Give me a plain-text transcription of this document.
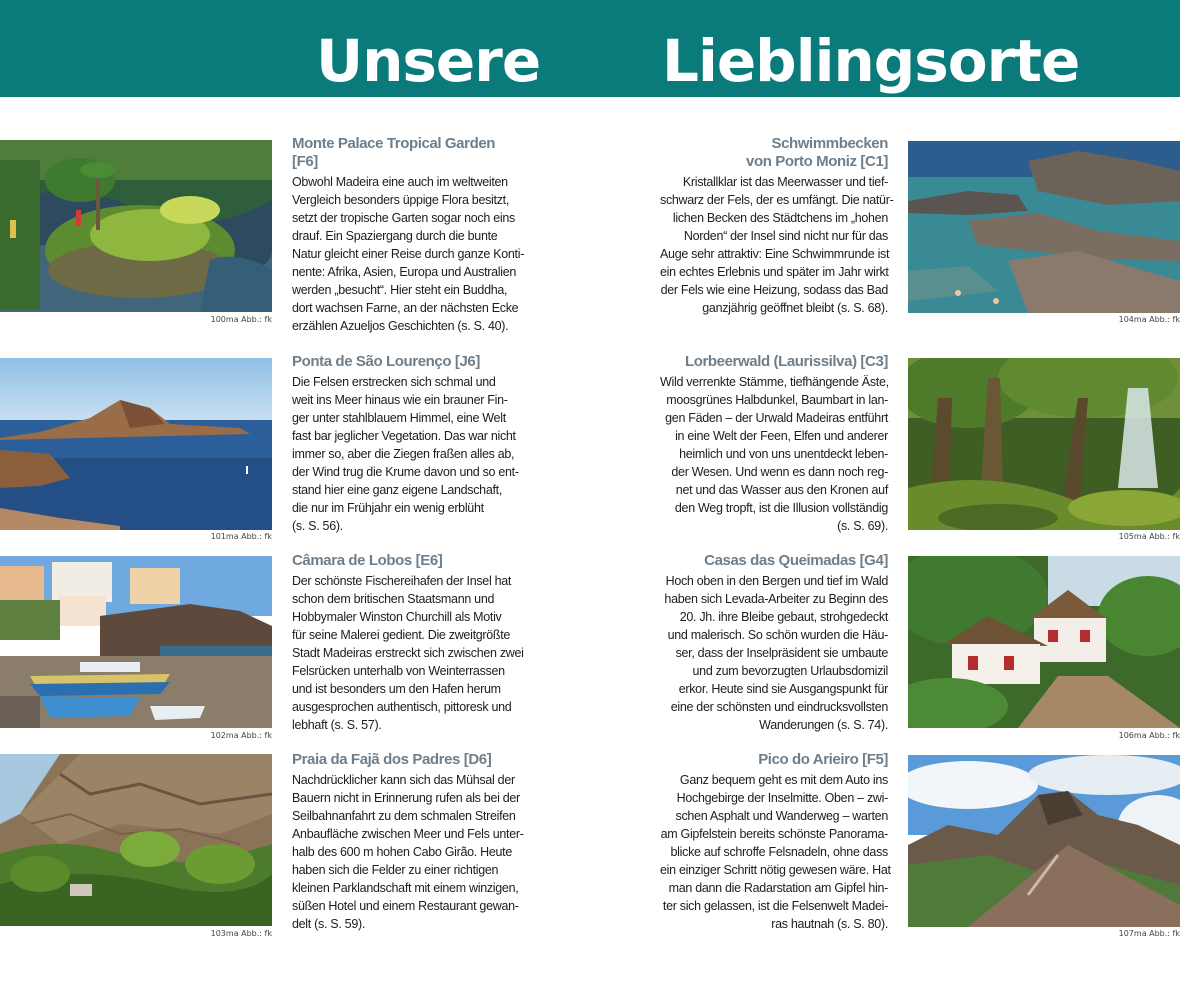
Unsere Lieblingsorte
100ma Abb.: fk
101ma Abb.: fk
102ma Abb.: fk
103ma Abb.: fk
104ma Abb.: fk
105ma Abb.: fk
106ma Abb.: fk
107ma Abb.: fk
Monte Palace Tropical Garden [F6]
Obwohl Madeira eine auch im weltweiten
Vergleich besonders üppige Flora besitzt,
setzt der tropische Garten sogar noch eins
drauf. Ein Spaziergang durch die bunte
Natur gleicht einer Reise durch ganze Konti-
nente: Afrika, Asien, Europa und Australien
werden „besucht“. Hier steht ein Buddha,
dort wachsen Farne, an der nächsten Ecke
erzählen Azueljos Geschichten (s. S. 40).
Ponta de São Lourenço [J6]
Die Felsen erstrecken sich schmal und
weit ins Meer hinaus wie ein brauner Fin-
ger unter stahlblauem Himmel, eine Welt
fast bar jeglicher Vegetation. Das war nicht
immer so, aber die Ziegen fraßen alles ab,
der Wind trug die Krume davon und so ent-
stand hier eine ganz eigene Landschaft,
die nur im Frühjahr ein wenig erblüht
(s. S. 56).
Câmara de Lobos [E6]
Der schönste Fischereihafen der Insel hat
schon dem britischen Staatsmann und
Hobbymaler Winston Churchill als Motiv
für seine Malerei gedient. Die zweitgrößte
Stadt Madeiras erstreckt sich zwischen zwei
Felsrücken unterhalb von Weinterrassen
und ist besonders um den Hafen herum
ausgesprochen authentisch, pittoresk und
lebhaft (s. S. 57).
Praia da Fajã dos Padres [D6]
Nachdrücklicher kann sich das Mühsal der
Bauern nicht in Erinnerung rufen als bei der
Seilbahnanfahrt zu dem schmalen Streifen
Anbaufläche zwischen Meer und Fels unter-
halb des 600 m hohen Cabo Girão. Heute
haben sich die Felder zu einer richtigen
kleinen Parklandschaft mit einem winzigen,
süßen Hotel und einem Restaurant gewan-
delt (s. S. 59).
Schwimmbecken
von Porto Moniz [C1]
Kristallklar ist das Meerwasser und tief-
schwarz der Fels, der es umfängt. Die natür-
lichen Becken des Städtchens im „hohen
Norden“ der Insel sind nicht nur für das
Auge sehr attraktiv: Eine Schwimmrunde ist
ein echtes Erlebnis und später im Jahr wirkt
der Fels wie eine Heizung, sodass das Bad
ganzjährig geöffnet bleibt (s. S. 68).
Lorbeerwald (Laurissilva) [C3]
Wild verrenkte Stämme, tiefhängende Äste,
moosgrünes Halbdunkel, Baumbart in lan-
gen Fäden – der Urwald Madeiras entführt
in eine Welt der Feen, Elfen und anderer
heimlich und von uns unentdeckt leben-
der Wesen. Und wenn es dann noch reg-
net und das Wasser aus den Kronen auf
den Weg tropft, ist die Illusion vollständig
(s. S. 69).
Casas das Queimadas [G4]
Hoch oben in den Bergen und tief im Wald
haben sich Levada-Arbeiter zu Beginn des
20. Jh. ihre Bleibe gebaut, strohgedeckt
und malerisch. So schön wurden die Häu-
ser, dass der Inselpräsident sie umbaute
und zum bevorzugten Urlaubsdomizil
erkor. Heute sind sie Ausgangspunkt für
eine der schönsten und eindrucksvollsten
Wanderungen (s. S. 74).
Pico do Arieiro [F5]
Ganz bequem geht es mit dem Auto ins
Hochgebirge der Inselmitte. Oben – zwi-
schen Asphalt und Wanderweg – warten
am Gipfelstein bereits schönste Panorama-
blicke auf schroffe Felsnadeln, ohne dass
ein einziger Schritt nötig gewesen wäre. Hat
man dann die Radarstation am Gipfel hin-
ter sich gelassen, ist die Felsenwelt Madei-
ras hautnah (s. S. 80).
